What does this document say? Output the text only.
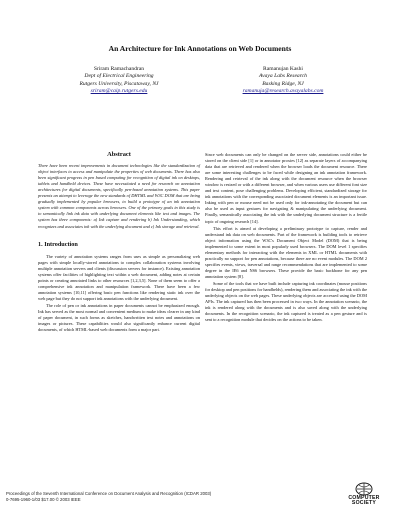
An Architecture for Ink Annotations on Web Documents
Sriram Ramachandran
Dept of Electrical Engineering
Rutgers University, Piscataway, NJ
sriram@caip.rutgers.edu
Ramanujan Kashi
Avaya Labs Research
Basking Ridge, NJ
ramanuja@research.avayalabs.com
Abstract

There have been recent improvements in document technologies like the standardization of object interfaces to access and manipulate the properties of web documents. There has also been significant progress in pen based computing for recognition of digital ink on desktops, tablets and handheld devices. These have necessitated a need for research on annotation architectures for digital documents, specifically pen-based annotation systems. This paper presents an attempt to leverage the new standards of DHTML and W3C DOM that are being gradually implemented by popular browsers, to build a prototype of an ink annotation system with common components across browsers. One of the primary goals in this study is to semantically link ink data with underlying document elements like text and images. The system has three components: a) Ink capture and rendering b) Ink Understanding, which recognizes and associates ink with the underlying document and c) Ink storage and retrieval.

1. Introduction

The variety of annotation systems ranges from uses as simple as personalizing web pages with simple locally-stored annotations to complex collaboration systems involving multiple annotation servers and clients (discussion servers for instance). Existing annotation systems offer facilities of highlighting text within a web document, adding notes at certain points or creating annotated links to other resources [1,2,3,5]. None of them seem to offer a comprehensive ink annotation and manipulation framework. There have been a few annotation systems [10,11] offering basic pen functions like rendering static ink over the web page but they do not support ink annotations with the underlying document.

The role of pen or ink annotations in paper documents cannot be emphasized enough. Ink has served as the most normal and convenient medium to make ideas clearer in any kind of paper document, in such forms as sketches, handwritten text notes and annotations on images or pictures. These capabilities would also significantly enhance current digital documents, of which HTML-based web documents form a major part.

Since web documents can only be changed on the server side, annotations could either be stored on the client side [1] or in annotator proxies [12] as separate layers of accompanying data that are retrieved and rendered when the browser loads the document resource. There are some interesting challenges to be faced while designing an ink annotation framework. Rendering and retrieval of the ink along with the document resource when the browser window is resized or with a different browser, and when various users use different font size and text content, pose challenging problems. Developing efficient, standardized storage for ink annotations with the corresponding associated document elements is an important issue. Inking with pen or mouse need not be used only for ink-annotating the document but can also be used as input gestures for navigating & manipulating the underlying document. Finally, semantically associating the ink with the underlying document structure is a fertile topic of ongoing research [14].

This effort is aimed at developing a preliminary prototype to capture, render and understand ink data on web documents. Part of the framework is building tools to retrieve object information using the W3C's Document Object Model (DOM) that is being implemented to some extent in most popularly used browsers. The DOM level 1 specifies elementary methods for interacting with the elements in XML or HTML documents with practically no support for pen annotations, because there are no event modules. The DOM 2 specifies events, views, traversal and range recommendations that are implemented to some degree in the IE6 and NS6 browsers. These provide the basic backbone for any pen annotation system [8].

Some of the tools that we have built include capturing ink coordinates (mouse positions for desktop and pen positions for handhelds), rendering them and associating the ink with the underlying objects on the web pages. These underlying objects are accessed using the DOM APIs. The ink captured has then been processed in two ways. In the annotation scenario, the ink is rendered along with the documents and is also saved along with the underlying documents. In the recognition scenario, the ink captured is treated as a pen gesture and is sent to a recognition module that decides on the actions to be taken.

Proceedings of the Seventh International Conference on Document Analysis and Recognition (ICDAR 2003)
0-7695-1960-1/03 $17.00 © 2003 IEEE	COMPUTER
SOCIETY
